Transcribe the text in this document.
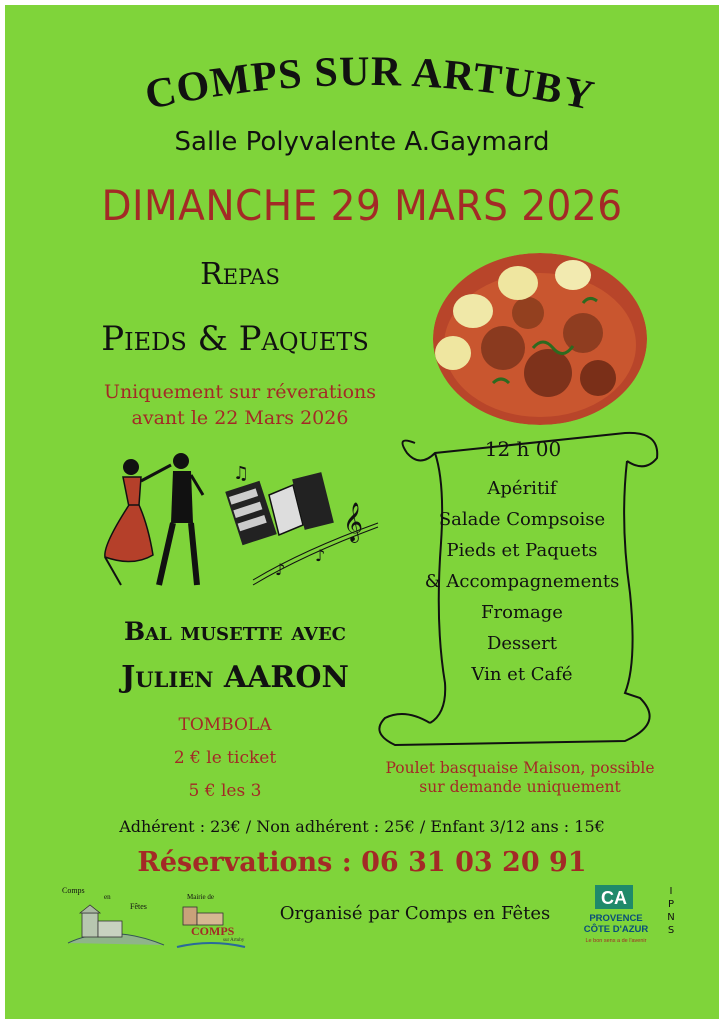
COMPS SUR ARTUBY
Salle Polyvalente A.Gaymard
DIMANCHE 29 MARS 2026
Repas
Pieds & Paquets
Uniquement sur réverations
avant le 22 Mars 2026
12 h 00
Apéritif
Salade Compsoise
Pieds et Paquets
& Accompagnements
Fromage
Dessert
Vin et Café
♫
𝄞
♪
♪
Bal musette avec
Julien AARON
TOMBOLA
2 € le ticket
5 € les 3
Poulet basquaise Maison, possible
sur demande uniquement
Adhérent : 23€ / Non adhérent : 25€ / Enfant 3/12 ans : 15€
Réservations : 06 31 03 20 91
Comps
en
Fêtes
Mairie de
COMPS
sur Artuby
Organisé par Comps en Fêtes
CA
PROVENCE
CÔTE D'AZUR
Le bon sens a de l'avenir
I
P
N
S
